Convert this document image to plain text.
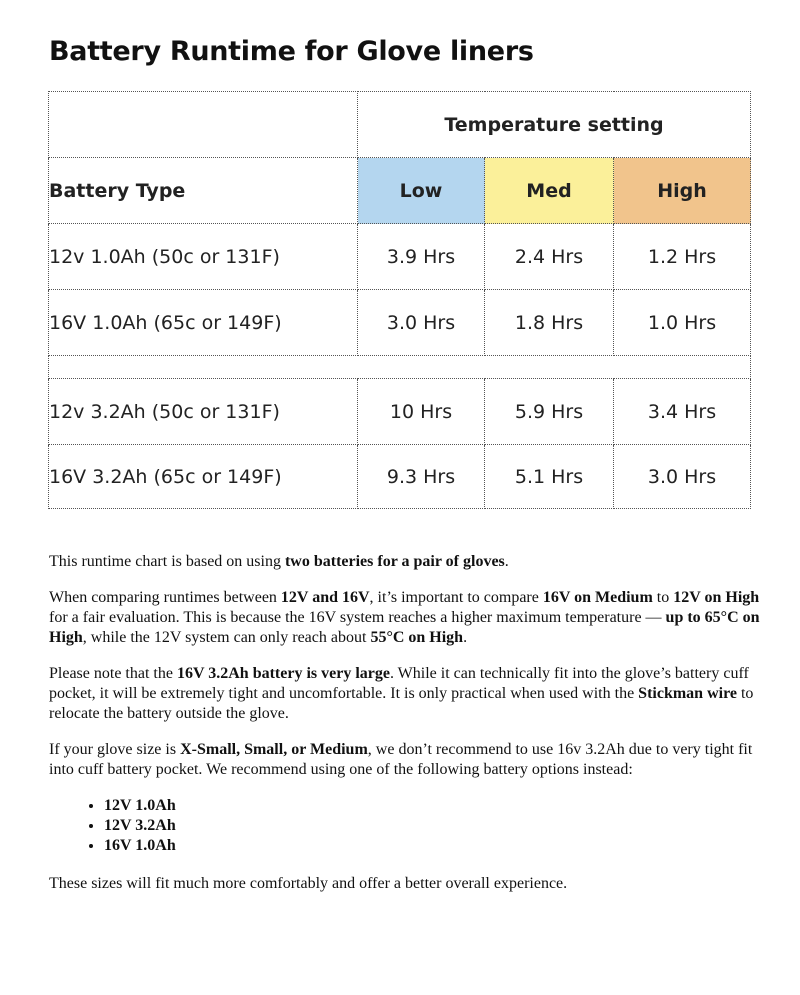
Battery Runtime for Glove liners
	Temperature setting		
Battery Type	Low	Med	High
12v 1.0Ah (50c or 131F)	3.9 Hrs	2.4 Hrs	1.2 Hrs
16V 1.0Ah (65c or 149F)	3.0 Hrs	1.8 Hrs	1.0 Hrs

12v 3.2Ah (50c or 131F)	10 Hrs	5.9 Hrs	3.4 Hrs
16V 3.2Ah (65c or 149F)	9.3 Hrs	5.1 Hrs	3.0 Hrs

This runtime chart is based on using two batteries for a pair of gloves.

When comparing runtimes between 12V and 16V, it’s important to compare 16V on Medium to 12V on High for a fair evaluation. This is because the 16V system reaches a higher maximum temperature — up to 65°C on High, while the 12V system can only reach about 55°C on High.

Please note that the 16V 3.2Ah battery is very large. While it can technically fit into the glove’s battery cuff pocket, it will be extremely tight and uncomfortable. It is only practical when used with the Stickman wire to relocate the battery outside the glove.

If your glove size is X-Small, Small, or Medium, we don’t recommend to use 16v 3.2Ah due to very tight fit into cuff battery pocket. We recommend using one of the following battery options instead:

• 12V 1.0Ah
• 12V 3.2Ah
• 16V 1.0Ah

These sizes will fit much more comfortably and offer a better overall experience.
